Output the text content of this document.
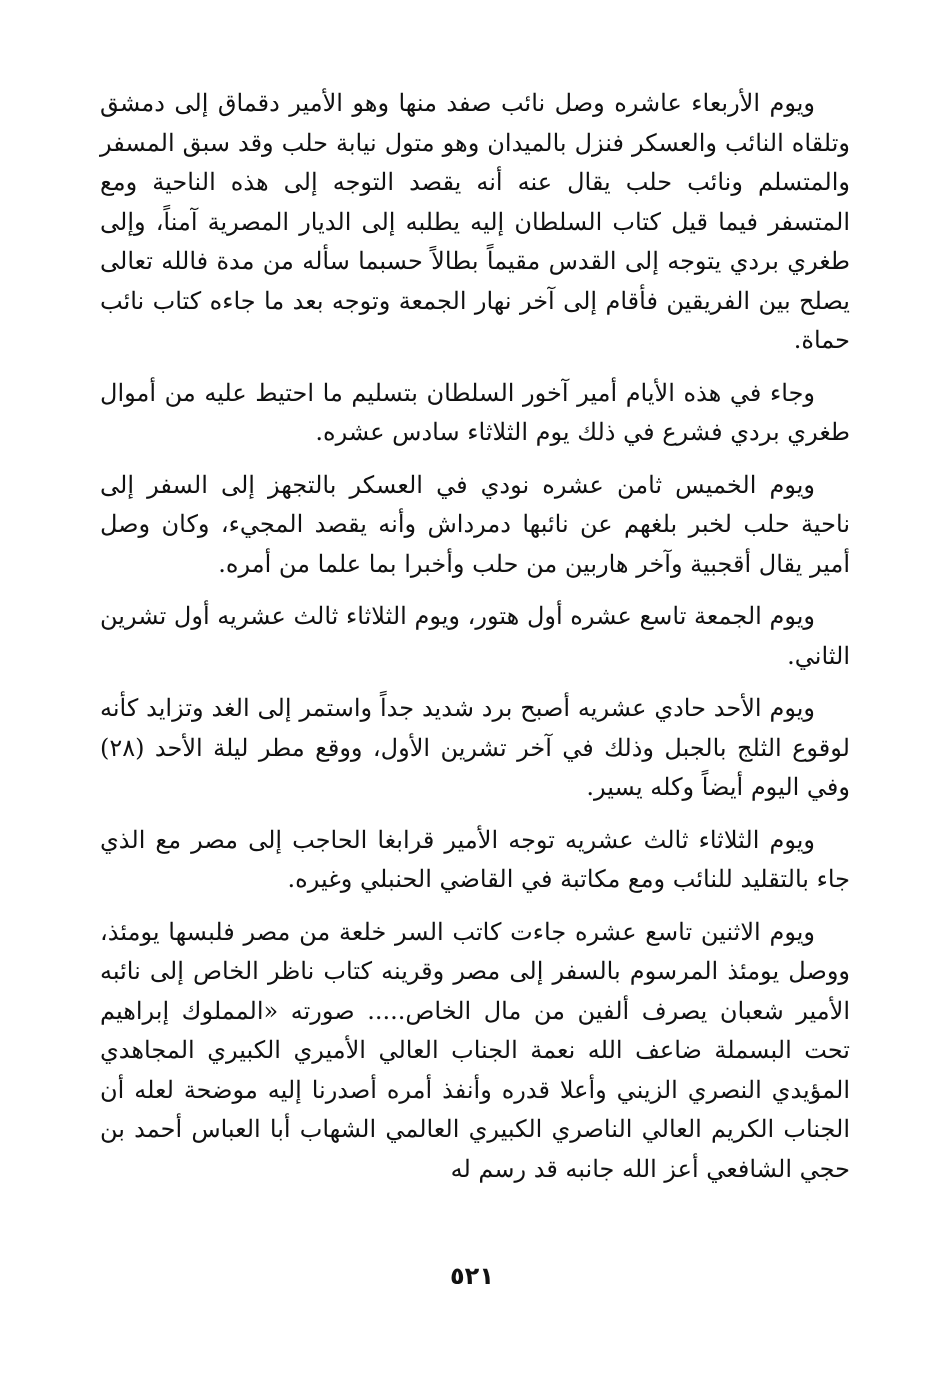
ويوم الأربعاء عاشره وصل نائب صفد منها وهو الأمير دقماق إلى دمشق وتلقاه النائب والعسكر فنزل بالميدان وهو متول نيابة حلب وقد سبق المسفر والمتسلم ونائب حلب يقال عنه أنه يقصد التوجه إلى هذه الناحية ومع المتسفر فيما قيل كتاب السلطان إليه يطلبه إلى الديار المصرية آمناً، وإلى طغري بردي يتوجه إلى القدس مقيماً بطالاً حسبما سأله من مدة فالله تعالى يصلح بين الفريقين فأقام إلى آخر نهار الجمعة وتوجه بعد ما جاءه كتاب نائب حماة.

وجاء في هذه الأيام أمير آخور السلطان بتسليم ما احتيط عليه من أموال طغري بردي فشرع في ذلك يوم الثلاثاء سادس عشره.

ويوم الخميس ثامن عشره نودي في العسكر بالتجهز إلى السفر إلى ناحية حلب لخبر بلغهم عن نائبها دمرداش وأنه يقصد المجيء، وكان وصل أمير يقال أقجبية وآخر هاربين من حلب وأخبرا بما علما من أمره.

ويوم الجمعة تاسع عشره أول هتور، ويوم الثلاثاء ثالث عشريه أول تشرين الثاني.

ويوم الأحد حادي عشريه أصبح برد شديد جداً واستمر إلى الغد وتزايد كأنه لوقوع الثلج بالجبل وذلك في آخر تشرين الأول، ووقع مطر ليلة الأحد (٢٨) وفي اليوم أيضاً وكله يسير.

ويوم الثلاثاء ثالث عشريه توجه الأمير قرابغا الحاجب إلى مصر مع الذي جاء بالتقليد للنائب ومع مكاتبة في القاضي الحنبلي وغيره.

ويوم الاثنين تاسع عشره جاءت كاتب السر خلعة من مصر فلبسها يومئذ، ووصل يومئذ المرسوم بالسفر إلى مصر وقرينه كتاب ناظر الخاص إلى نائبه الأمير شعبان يصرف ألفين من مال الخاص..... صورته «المملوك إبراهيم تحت البسملة ضاعف الله نعمة الجناب العالي الأميري الكبيري المجاهدي المؤيدي النصري الزيني وأعلا قدره وأنفذ أمره أصدرنا إليه موضحة لعله أن الجناب الكريم العالي الناصري الكبيري العالمي الشهاب أبا العباس أحمد بن حجي الشافعي أعز الله جانبه قد رسم له

٥٢١
